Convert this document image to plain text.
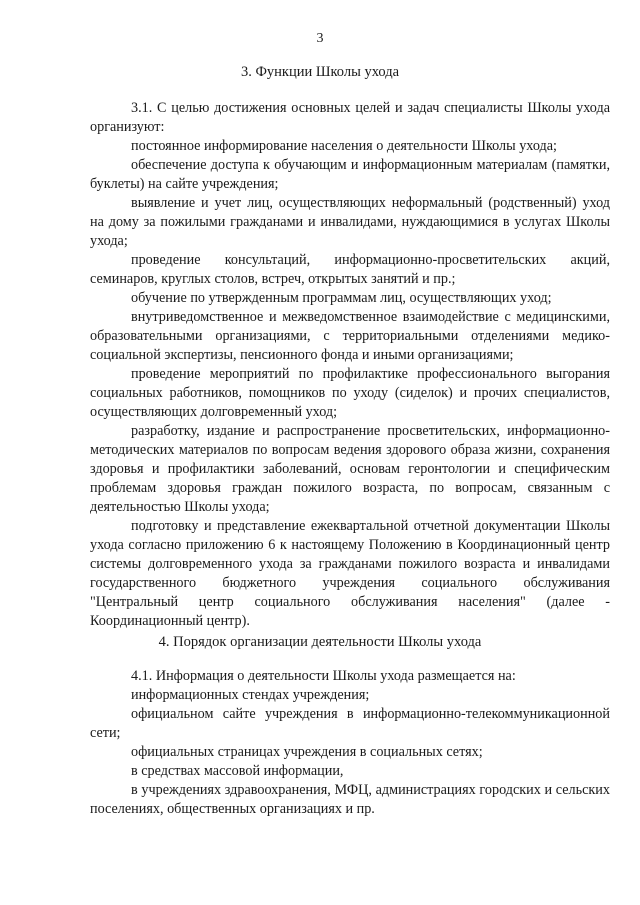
3
3. Функции Школы ухода

3.1. С целью достижения основных целей и задач специалисты Школы ухода организуют:

постоянное информирование населения о деятельности Школы ухода;

обеспечение доступа к обучающим и информационным материалам (памятки, буклеты) на сайте учреждения;

выявление и учет лиц, осуществляющих неформальный (родственный) уход на дому за пожилыми гражданами и инвалидами, нуждающимися в услугах Школы ухода;

проведение консультаций, информационно-просветительских акций, семинаров, круглых столов, встреч, открытых занятий и пр.;

обучение по утвержденным программам лиц, осуществляющих уход;

внутриведомственное и межведомственное взаимодействие с медицинскими, образовательными организациями, с территориальными отделениями медико-социальной экспертизы, пенсионного фонда и иными организациями;

проведение мероприятий по профилактике профессионального выгорания социальных работников, помощников по уходу (сиделок) и прочих специалистов, осуществляющих долговременный уход;

разработку, издание и распространение просветительских, информационно-методических материалов по вопросам ведения здорового образа жизни, сохранения здоровья и профилактики заболеваний, основам геронтологии и специфическим проблемам здоровья граждан пожилого возраста, по вопросам, связанным с деятельностью Школы ухода;

подготовку и представление ежеквартальной отчетной документации Школы ухода согласно приложению 6 к настоящему Положению в Координационный центр системы долговременного ухода за гражданами пожилого возраста и инвалидами государственного бюджетного учреждения социального обслуживания "Центральный центр социального обслуживания населения" (далее - Координационный центр).

4. Порядок организации деятельности Школы ухода

4.1. Информация о деятельности Школы ухода размещается на:

информационных стендах учреждения;

официальном сайте учреждения в информационно-телекоммуникационной сети;

официальных страницах учреждения в социальных сетях;

в средствах массовой информации,

в учреждениях здравоохранения, МФЦ, администрациях городских и сельских поселениях, общественных организациях и пр.
